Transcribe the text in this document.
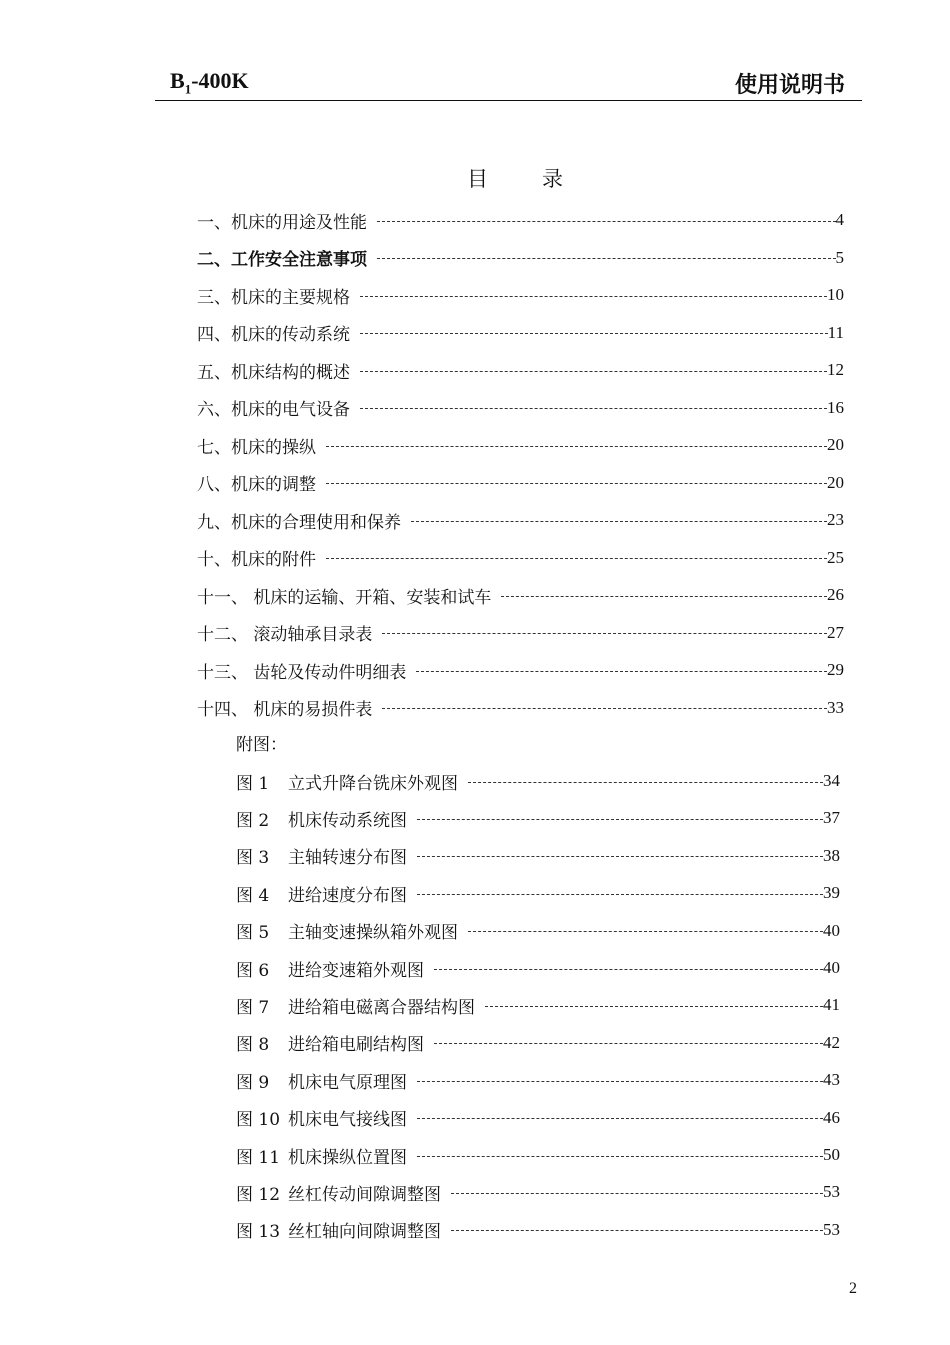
$B_1-400K$	使用说明书
目录
一、机床的用途及性能	4
二、工作安全注意事项	5
三、机床的主要规格	10
四、机床的传动系统	11
五、机床结构的概述	12
六、机床的电气设备	16
七、机床的操纵	20
八、机床的调整	20
九、机床的合理使用和保养	23
十、机床的附件	25
十一、 机床的运输、开箱、安装和试车	26
十二、 滚动轴承目录表	27
十三、 齿轮及传动件明细表	29
十四、 机床的易损件表	33
附图：
图 1	立式升降台铣床外观图	34
图 2	机床传动系统图	37
图 3	主轴转速分布图	38
图 4	进给速度分布图	39
图 5	主轴变速操纵箱外观图	40
图 6	进给变速箱外观图	40
图 7	进给箱电磁离合器结构图	41
图 8	进给箱电刷结构图	42
图 9	机床电气原理图	43
图 10 机床电气接线图	46
图 11 机床操纵位置图	50
图 12 丝杠传动间隙调整图	53
图 13 丝杠轴向间隙调整图	53
2
